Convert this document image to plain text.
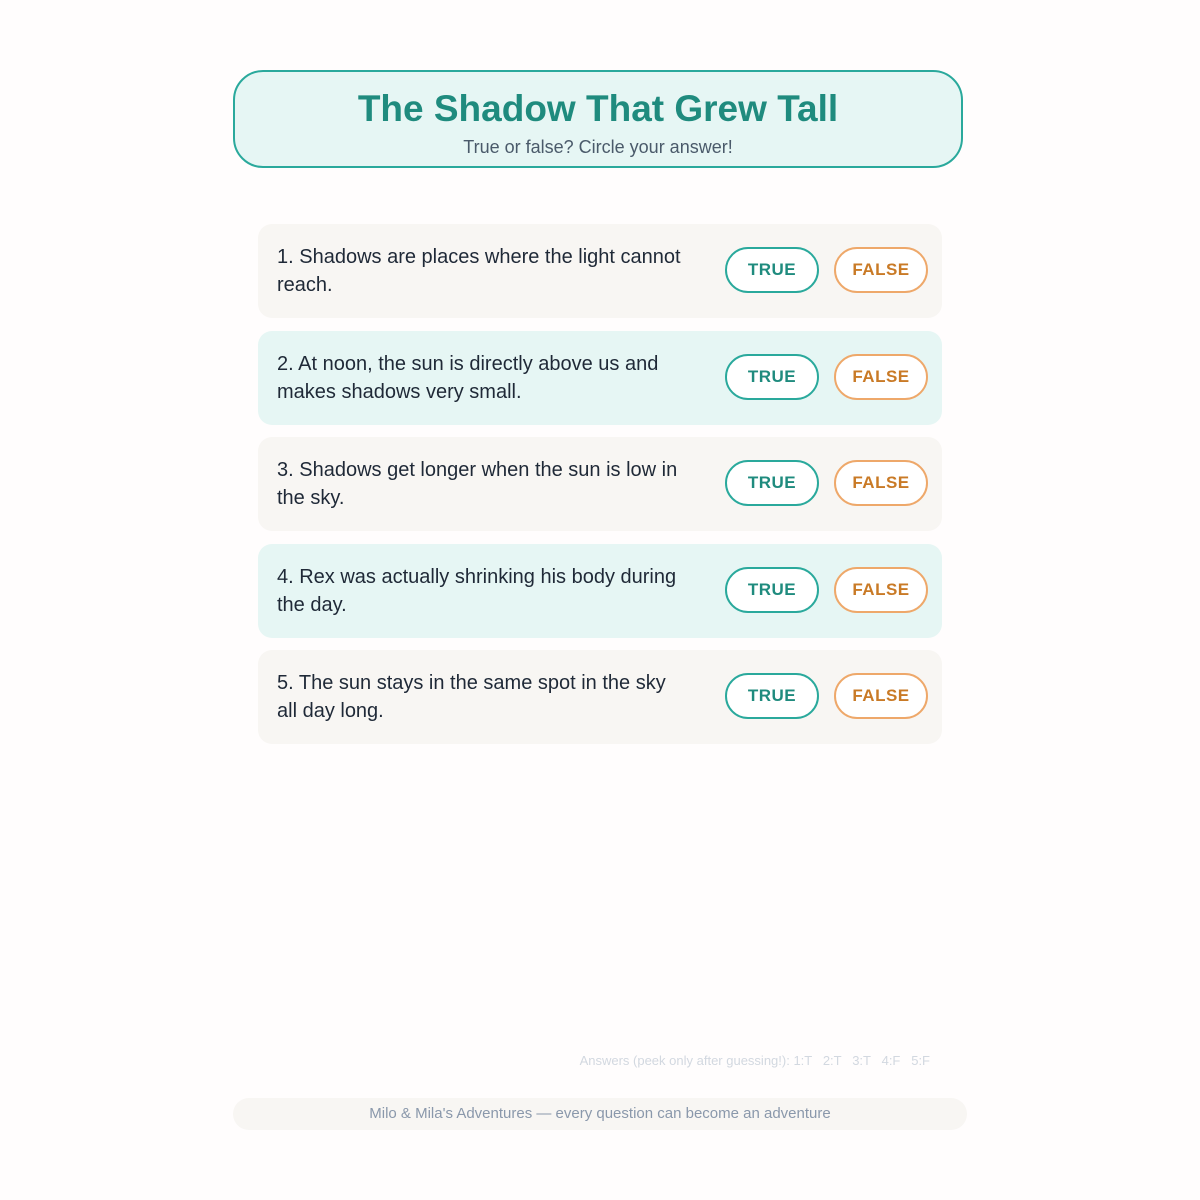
The Shadow That Grew Tall
True or false? Circle your answer!
1. Shadows are places where the light cannot reach.
TRUE	FALSE
2. At noon, the sun is directly above us and makes shadows very small.
TRUE	FALSE
3. Shadows get longer when the sun is low in the sky.
TRUE	FALSE
4. Rex was actually shrinking his body during the day.
TRUE	FALSE
5. The sun stays in the same spot in the sky all day long.
TRUE	FALSE
Answers (peek only after guessing!): 1:T   2:T   3:T   4:F   5:F
Milo & Mila's Adventures — every question can become an adventure
